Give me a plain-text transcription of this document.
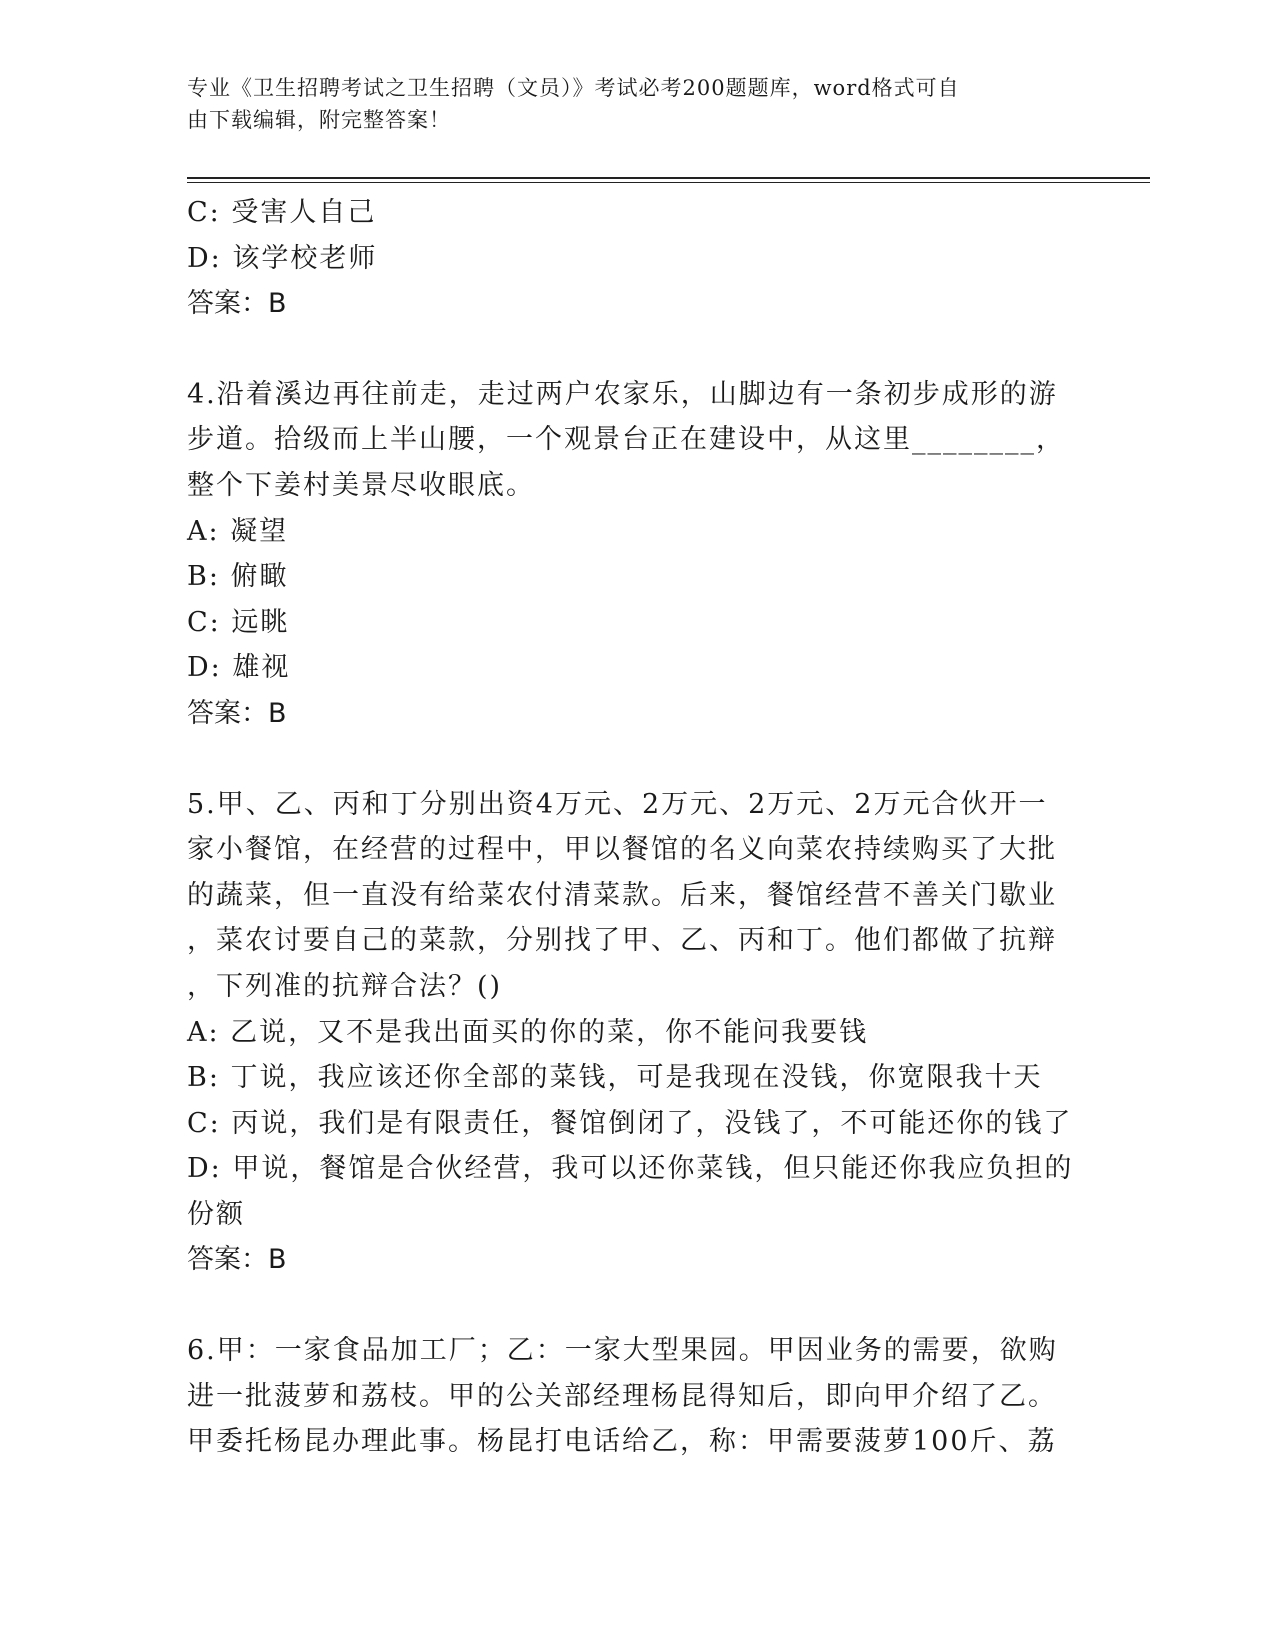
专业《卫生招聘考试之卫生招聘（文员）》考试必考200题题库，word格式可自
由下载编辑，附完整答案！
C: 受害人自己
D: 该学校老师
答案：B
4.沿着溪边再往前走，走过两户农家乐，山脚边有一条初步成形的游
步道。拾级而上半山腰，一个观景台正在建设中，从这里________，
整个下姜村美景尽收眼底。
A: 凝望
B: 俯瞰
C: 远眺
D: 雄视
答案：B
5.甲、乙、丙和丁分别出资4万元、2万元、2万元、2万元合伙开一
家小餐馆，在经营的过程中，甲以餐馆的名义向菜农持续购买了大批
的蔬菜，但一直没有给菜农付清菜款。后来，餐馆经营不善关门歇业
，菜农讨要自己的菜款，分别找了甲、乙、丙和丁。他们都做了抗辩
，下列准的抗辩合法？()
A: 乙说，又不是我出面买的你的菜，你不能问我要钱
B: 丁说，我应该还你全部的菜钱，可是我现在没钱，你宽限我十天
C: 丙说，我们是有限责任，餐馆倒闭了，没钱了，不可能还你的钱了
D: 甲说，餐馆是合伙经营，我可以还你菜钱，但只能还你我应负担的
份额
答案：B
6.甲：一家食品加工厂；乙：一家大型果园。甲因业务的需要，欲购
进一批菠萝和荔枝。甲的公关部经理杨昆得知后，即向甲介绍了乙。
甲委托杨昆办理此事。杨昆打电话给乙，称：甲需要菠萝100斤、荔
